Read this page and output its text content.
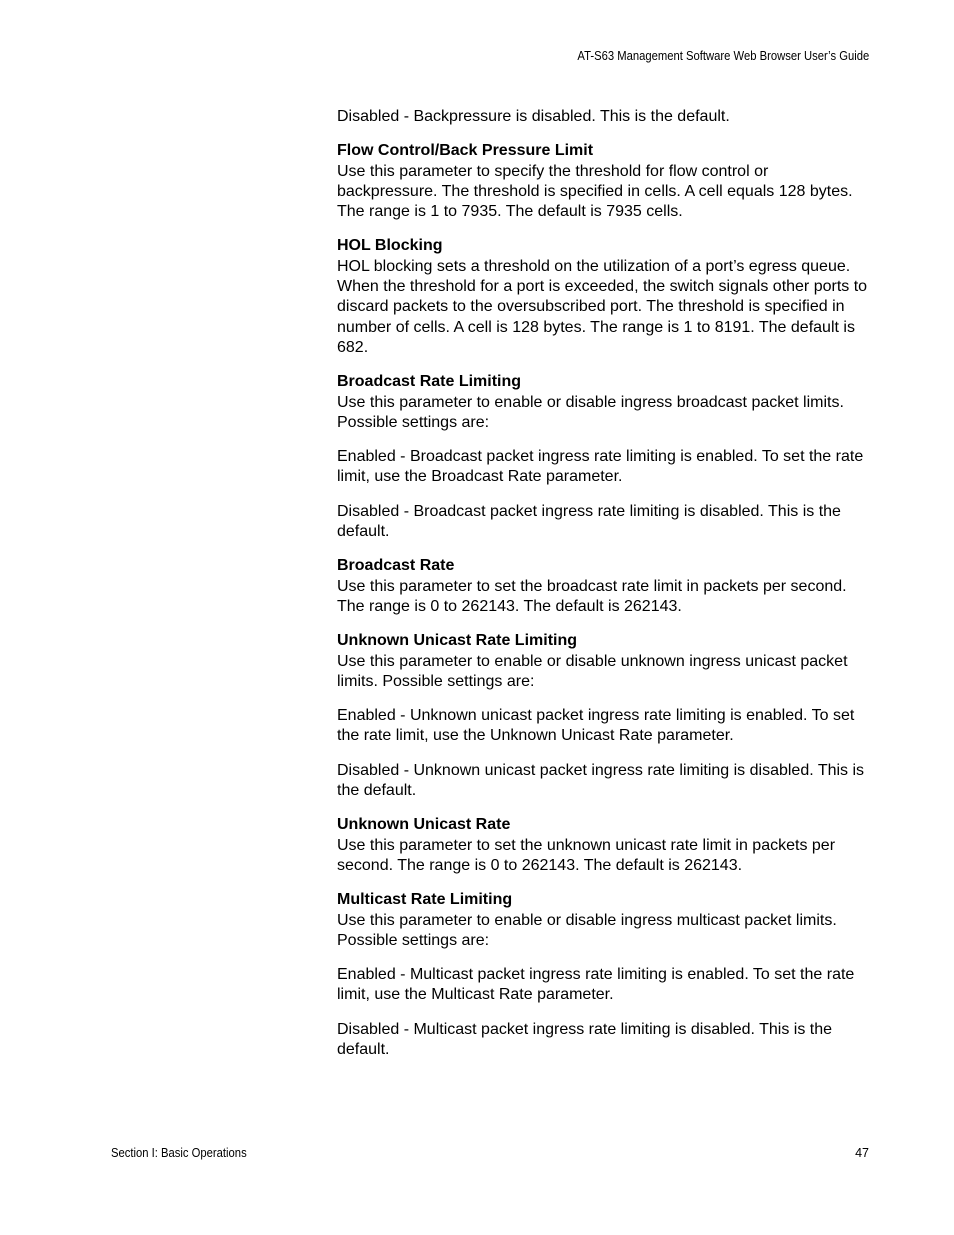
AT-S63 Management Software Web Browser User’s Guide

Disabled - Backpressure is disabled. This is the default.

Flow Control/Back Pressure Limit
Use this parameter to specify the threshold for flow control or backpressure. The threshold is specified in cells. A cell equals 128 bytes. The range is 1 to 7935. The default is 7935 cells.
HOL Blocking
HOL blocking sets a threshold on the utilization of a port’s egress queue. When the threshold for a port is exceeded, the switch signals other ports to discard packets to the oversubscribed port. The threshold is specified in number of cells. A cell is 128 bytes. The range is 1 to 8191. The default is 682.
Broadcast Rate Limiting
Use this parameter to enable or disable ingress broadcast packet limits. Possible settings are:

Enabled - Broadcast packet ingress rate limiting is enabled. To set the rate limit, use the Broadcast Rate parameter.

Disabled - Broadcast packet ingress rate limiting is disabled. This is the default.

Broadcast Rate
Use this parameter to set the broadcast rate limit in packets per second. The range is 0 to 262143. The default is 262143.
Unknown Unicast Rate Limiting
Use this parameter to enable or disable unknown ingress unicast packet limits. Possible settings are:

Enabled - Unknown unicast packet ingress rate limiting is enabled. To set the rate limit, use the Unknown Unicast Rate parameter.

Disabled - Unknown unicast packet ingress rate limiting is disabled. This is the default.

Unknown Unicast Rate
Use this parameter to set the unknown unicast rate limit in packets per second. The range is 0 to 262143. The default is 262143.
Multicast Rate Limiting
Use this parameter to enable or disable ingress multicast packet limits. Possible settings are:

Enabled - Multicast packet ingress rate limiting is enabled. To set the rate limit, use the Multicast Rate parameter.

Disabled - Multicast packet ingress rate limiting is disabled. This is the default.

Section I: Basic Operations	47
